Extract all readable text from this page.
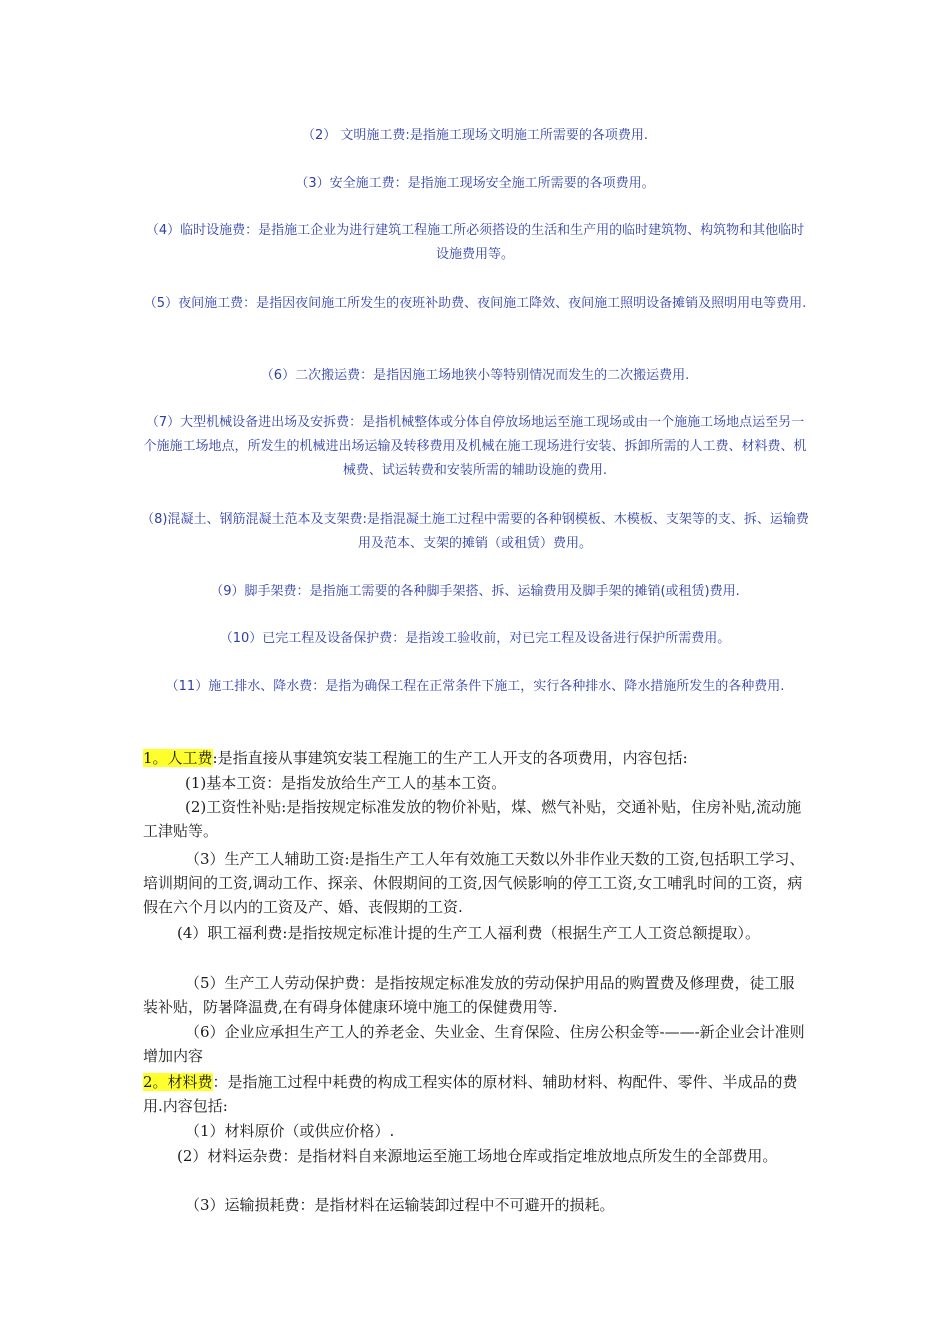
（2） 文明施工费:是指施工现场文明施工所需要的各项费用.

（3）安全施工费：是指施工现场安全施工所需要的各项费用。

（4）临时设施费：是指施工企业为进行建筑工程施工所必须搭设的生活和生产用的临时建筑物、构筑物和其他临时设施费用等。

（5）夜间施工费：是指因夜间施工所发生的夜班补助费、夜间施工降效、夜间施工照明设备摊销及照明用电等费用.

（6）二次搬运费：是指因施工场地狭小等特别情况而发生的二次搬运费用.

（7）大型机械设备进出场及安拆费：是指机械整体或分体自停放场地运至施工现场或由一个施施工场地点运至另一个施施工场地点，所发生的机械进出场运输及转移费用及机械在施工现场进行安装、拆卸所需的人工费、材料费、机械费、试运转费和安装所需的辅助设施的费用.

（8)混凝土、钢筋混凝土范本及支架费:是指混凝土施工过程中需要的各种钢模板、木模板、支架等的支、拆、运输费用及范本、支架的摊销（或租赁）费用。

（9）脚手架费：是指施工需要的各种脚手架搭、拆、运输费用及脚手架的摊销(或租赁)费用.

（10）已完工程及设备保护费：是指竣工验收前，对已完工程及设备进行保护所需费用。

（11）施工排水、降水费：是指为确保工程在正常条件下施工，实行各种排水、降水措施所发生的各种费用.

1。人工费:是指直接从事建筑安装工程施工的生产工人开支的各项费用，内容包括:

(1)基本工资：是指发放给生产工人的基本工资。

(2)工资性补贴:是指按规定标准发放的物价补贴，煤、燃气补贴，交通补贴，住房补贴,流动施工津贴等。

（3）生产工人辅助工资:是指生产工人年有效施工天数以外非作业天数的工资,包括职工学习、培训期间的工资,调动工作、探亲、休假期间的工资,因气候影响的停工工资,女工哺乳时间的工资，病假在六个月以内的工资及产、婚、丧假期的工资.

(4）职工福利费:是指按规定标准计提的生产工人福利费（根据生产工人工资总额提取）。

（5）生产工人劳动保护费：是指按规定标准发放的劳动保护用品的购置费及修理费，徒工服装补贴，防暑降温费,在有碍身体健康环境中施工的保健费用等.

（6）企业应承担生产工人的养老金、失业金、生育保险、住房公积金等-——-新企业会计准则增加内容

2。材料费：是指施工过程中耗费的构成工程实体的原材料、辅助材料、构配件、零件、半成品的费用.内容包括:

（1）材料原价（或供应价格）.

(2）材料运杂费：是指材料自来源地运至施工场地仓库或指定堆放地点所发生的全部费用。

（3）运输损耗费：是指材料在运输装卸过程中不可避开的损耗。
